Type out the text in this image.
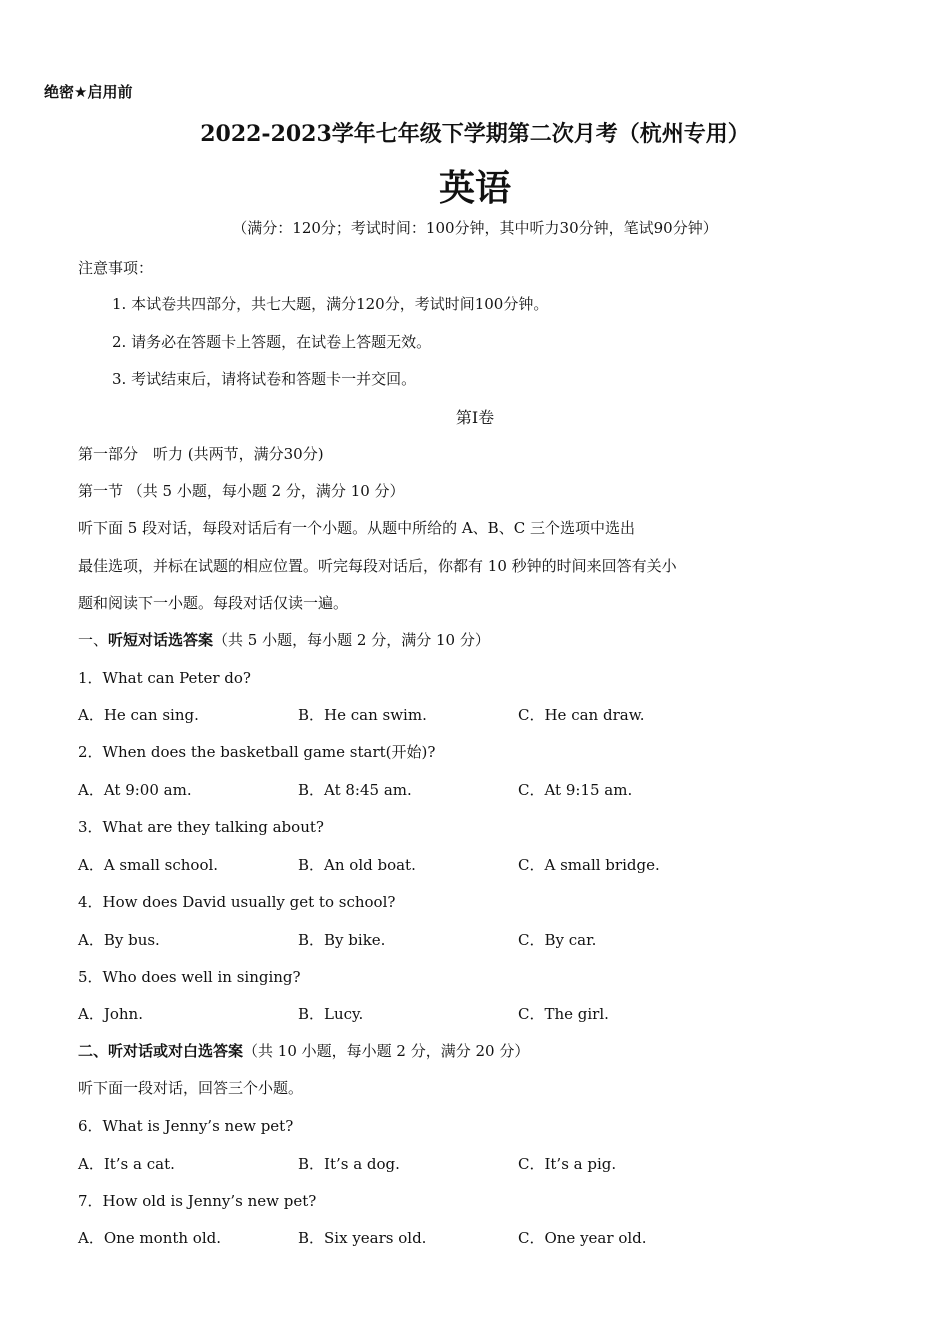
绝密★启用前
2022-2023学年七年级下学期第二次月考（杭州专用）
英语
（满分：120分；考试时间：100分钟，其中听力30分钟，笔试90分钟）
注意事项：
1. 本试卷共四部分，共七大题，满分120分，考试时间100分钟。
2. 请务必在答题卡上答题，在试卷上答题无效。
3. 考试结束后，请将试卷和答题卡一并交回。
第I卷
第一部分　听力 (共两节，满分30分)
第一节 （共 5 小题，每小题 2 分，满分 10 分）
听下面 5 段对话，每段对话后有一个小题。从题中所给的 A、B、C 三个选项中选出
最佳选项，并标在试题的相应位置。听完每段对话后，你都有 10 秒钟的时间来回答有关小
题和阅读下一小题。每段对话仅读一遍。
一、听短对话选答案（共 5 小题，每小题 2 分，满分 10 分）
1．What can Peter do?
A．He can sing.	B．He can swim.	C．He can draw.
2．When does the basketball game start(开始)?
A．At 9:00 am.	B．At 8:45 am.	C．At 9:15 am.
3．What are they talking about?
A．A small school.	B．An old boat.	C．A small bridge.
4．How does David usually get to school?
A．By bus.	B．By bike.	C．By car.
5．Who does well in singing?
A．John.	B．Lucy.	C．The girl.
二、听对话或对白选答案（共 10 小题，每小题 2 分，满分 20 分）
听下面一段对话，回答三个小题。
6．What is Jenny’s new pet?
A．It’s a cat.	B．It’s a dog.	C．It’s a pig.
7．How old is Jenny’s new pet?
A．One month old.	B．Six years old.	C．One year old.
